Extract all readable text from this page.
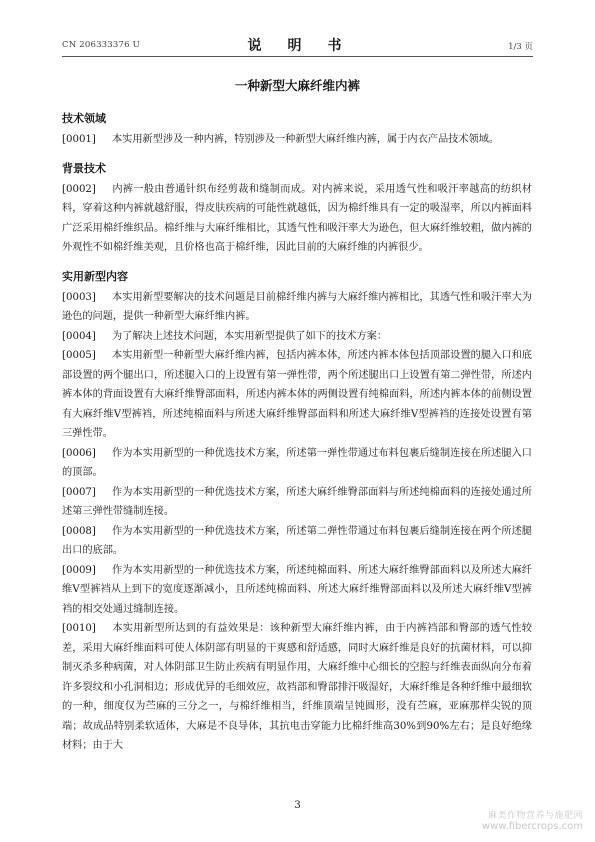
CN 206333376 U	说　明　书	1/3 页
一种新型大麻纤维内裤
技术领域
[0001] 本实用新型涉及一种内裤，特别涉及一种新型大麻纤维内裤，属于内衣产品技术领域。
背景技术
[0002] 内裤一般由普通针织布经剪裁和缝制而成。对内裤来说，采用透气性和吸汗率越高的纺织材料，穿着这种内裤就越舒服，得皮肤疾病的可能性就越低，因为棉纤维具有一定的吸湿率，所以内裤面料广泛采用棉纤维织品。棉纤维与大麻纤维相比，其透气性和吸汗率大为逊色，但大麻纤维较粗，做内裤的外观性不如棉纤维美观，且价格也高于棉纤维，因此目前的大麻纤维的内裤很少。
实用新型内容
[0003] 本实用新型要解决的技术问题是目前棉纤维内裤与大麻纤维内裤相比，其透气性和吸汗率大为逊色的问题，提供一种新型大麻纤维内裤。
[0004] 为了解决上述技术问题，本实用新型提供了如下的技术方案：
[0005] 本实用新型一种新型大麻纤维内裤，包括内裤本体，所述内裤本体包括顶部设置的腿入口和底部设置的两个腿出口，所述腿入口的上设置有第一弹性带，两个所述腿出口上设置有第二弹性带，所述内裤本体的背面设置有大麻纤维臀部面料，所述内裤本体的两侧设置有纯棉面料，所述内裤本体的前侧设置有大麻纤维V型裤裆，所述纯棉面料与所述大麻纤维臀部面料和所述大麻纤维V型裤裆的连接处设置有第三弹性带。
[0006] 作为本实用新型的一种优选技术方案，所述第一弹性带通过布料包裹后缝制连接在所述腿入口的顶部。
[0007] 作为本实用新型的一种优选技术方案，所述大麻纤维臀部面料与所述纯棉面料的连接处通过所述第三弹性带缝制连接。
[0008] 作为本实用新型的一种优选技术方案，所述第二弹性带通过布料包裹后缝制连接在两个所述腿出口的底部。
[0009] 作为本实用新型的一种优选技术方案，所述纯棉面料、所述大麻纤维臀部面料以及所述大麻纤维V型裤裆从上到下的宽度逐渐减小，且所述纯棉面料、所述大麻纤维臀部面料以及所述大麻纤维V型裤裆的相交处通过缝制连接。
[0010] 本实用新型所达到的有益效果是：该种新型大麻纤维内裤，由于内裤裆部和臀部的透气性较差，采用大麻纤维面料可使人体阴部有明显的干爽感和舒适感，同时大麻纤维是良好的抗菌材料，可以抑制灭杀多种病菌，对人体阴部卫生防止疾病有明显作用，大麻纤维中心细长的空腔与纤维表面纵向分布着许多裂纹和小孔洞相边；形成优异的毛细效应，故裆部和臀部排汗吸湿好，大麻纤维是各种纤维中最细软的一种，细度仅为苎麻的三分之一，与棉纤维相当，纤维顶端呈钝圆形，没有苎麻，亚麻那样尖锐的顶端；故成品特别柔软适体，大麻是不良导体，其抗电击穿能力比棉纤维高30%到90%左右；是良好绝缘材料；由于大
3
麻类作物营养与施肥网
www.fibercrops.com
